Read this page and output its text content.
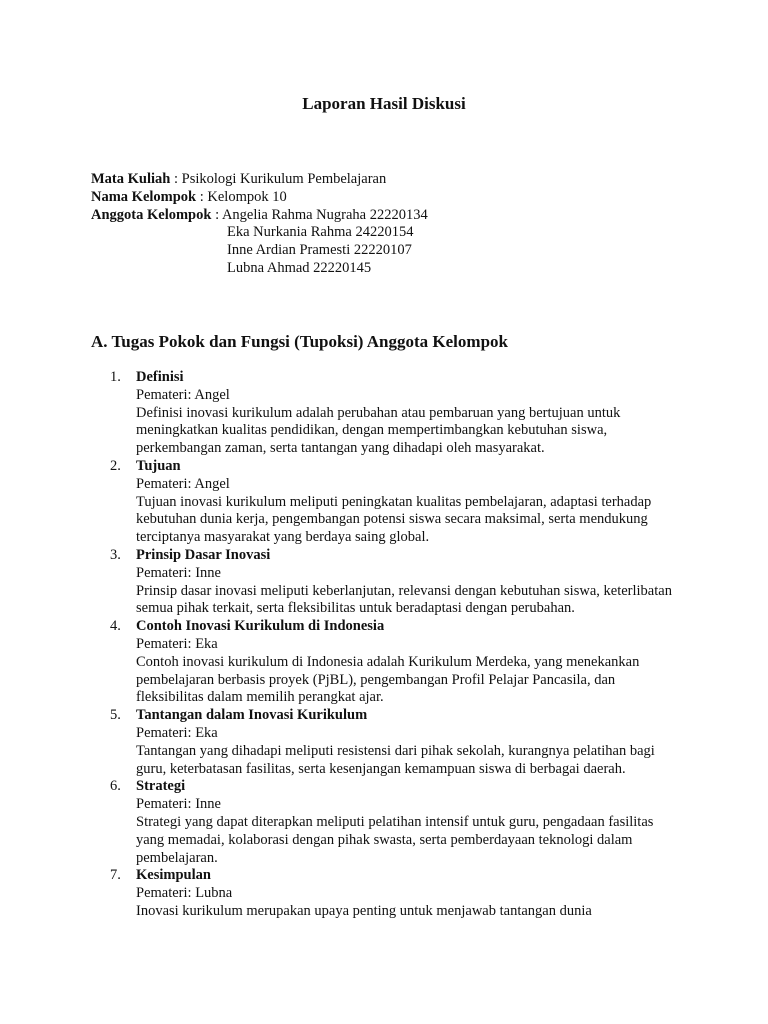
Laporan Hasil Diskusi
Mata Kuliah : Psikologi Kurikulum Pembelajaran
Nama Kelompok : Kelompok 10
Anggota Kelompok : Angelia Rahma Nugraha 22220134
Eka Nurkania Rahma 24220154
Inne Ardian Pramesti 22220107
Lubna Ahmad 22220145
A. Tugas Pokok dan Fungsi (Tupoksi) Anggota Kelompok
1.	Definisi
Pemateri: Angel
Definisi inovasi kurikulum adalah perubahan atau pembaruan yang bertujuan untuk meningkatkan kualitas pendidikan, dengan mempertimbangkan kebutuhan siswa, perkembangan zaman, serta tantangan yang dihadapi oleh masyarakat.
2.	Tujuan
Pemateri: Angel
Tujuan inovasi kurikulum meliputi peningkatan kualitas pembelajaran, adaptasi terhadap kebutuhan dunia kerja, pengembangan potensi siswa secara maksimal, serta mendukung terciptanya masyarakat yang berdaya saing global.
3.	Prinsip Dasar Inovasi
Pemateri: Inne
Prinsip dasar inovasi meliputi keberlanjutan, relevansi dengan kebutuhan siswa, keterlibatan semua pihak terkait, serta fleksibilitas untuk beradaptasi dengan perubahan.
4.	Contoh Inovasi Kurikulum di Indonesia
Pemateri: Eka
Contoh inovasi kurikulum di Indonesia adalah Kurikulum Merdeka, yang menekankan pembelajaran berbasis proyek (PjBL), pengembangan Profil Pelajar Pancasila, dan fleksibilitas dalam memilih perangkat ajar.
5.	Tantangan dalam Inovasi Kurikulum
Pemateri: Eka
Tantangan yang dihadapi meliputi resistensi dari pihak sekolah, kurangnya pelatihan bagi guru, keterbatasan fasilitas, serta kesenjangan kemampuan siswa di berbagai daerah.
6.	Strategi
Pemateri: Inne
Strategi yang dapat diterapkan meliputi pelatihan intensif untuk guru, pengadaan fasilitas yang memadai, kolaborasi dengan pihak swasta, serta pemberdayaan teknologi dalam pembelajaran.
7.	Kesimpulan
Pemateri: Lubna
Inovasi kurikulum merupakan upaya penting untuk menjawab tantangan dunia
